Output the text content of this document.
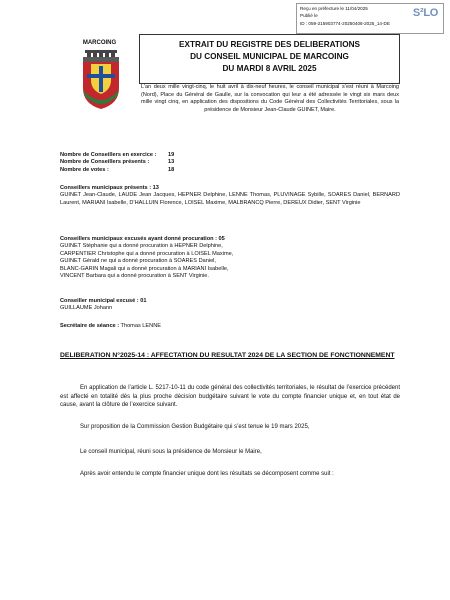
Reçu en préfecture le 11/04/2025
Publié le
ID : 059-215903774-20250408-2025_14-DE
S²LO
MARCOING	EXTRAIT DU REGISTRE DES DELIBERATIONS
DU CONSEIL MUNICIPAL DE MARCOING
DU MARDI 8 AVRIL 2025
L’an deux mille vingt-cinq, le huit avril à dix-neuf heures, le conseil municipal s’est réuni à Marcoing (Nord), Place du Général de Gaulle, sur la convocation qui leur a été adressée le vingt six mars deux mille vingt cinq, en application des dispositions du Code Général des Collectivités Territoriales, sous la présidence de Monsieur Jean-Claude GUINET, Maire.
Nombre de Conseillers en exercice :	19
Nombre de Conseillers présents :	13
Nombre de votes :	18
Conseillers municipaux présents : 13
GUINET Jean-Claude, LAUDE Jean Jacques, HEPNER Delphine, LENNE Thomas, PLUVINAGE Sybille, SOARES Daniel, BERNARD Laurent, MARIANI Isabelle, D’HALLUIN Florence, LOISEL Maxime, MALBRANCQ Pierre, DEREUX Didier, SENT Virginie
Conseillers municipaux excusés ayant donné procuration : 05
GUINET Stéphanie qui a donné procuration à HEPNER Delphine,
CARPENTIER Christophe qui a donné procuration à LOISEL Maxime,
GUINET Gérald ne qui a donné procuration à SOARES Daniel,
BLANC-GARIN Magali qui a donné procuration à MARIANI Isabelle,
VINCENT Barbara qui a donné procuration à SENT Virginie.
Conseiller municipal excusé : 01
GUILLAUME Johann
Secrétaire de séance : Thomas LENNE
DELIBERATION N°2025-14 : AFFECTATION DU RESULTAT 2024 DE LA SECTION DE FONCTIONNEMENT
En application de l’article L. 5217-10-11 du code général des collectivités territoriales, le résultat de l’exercice précédent est affecté en totalité dès la plus proche décision budgétaire suivant le vote du compte financier unique et, en tout état de cause, avant la clôture de l’exercice suivant.
Sur proposition de la Commission Gestion Budgétaire qui s’est tenue le 19 mars 2025,
Le conseil municipal, réuni sous la présidence de Monsieur le Maire,
Après avoir entendu le compte financier unique dont les résultats se décomposent comme suit :
